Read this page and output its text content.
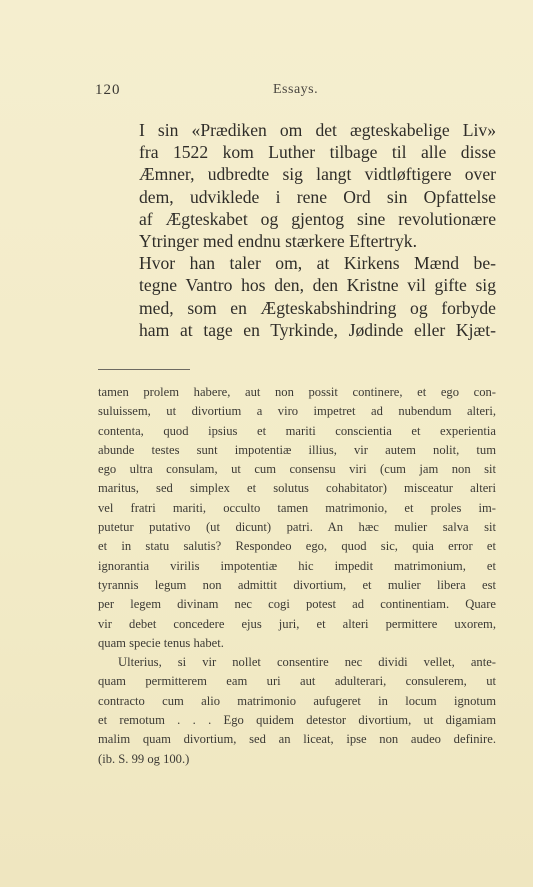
120	Essays.

I sin «Prædiken om det ægteskabelige Liv»
fra 1522 kom Luther tilbage til alle disse
Æmner, udbredte sig langt vidtløftigere over
dem, udviklede i rene Ord sin Opfattelse
af Ægteskabet og gjentog sine revolutionære
Ytringer med endnu stærkere Eftertryk.

Hvor han taler om, at Kirkens Mænd be-
tegne Vantro hos den, den Kristne vil gifte sig
med, som en Ægteskabshindring og forbyde
ham at tage en Tyrkinde, Jødinde eller Kjæt-

tamen prolem habere, aut non possit continere, et ego con-
suluissem, ut divortium a viro impetret ad nubendum alteri,
contenta, quod ipsius et mariti conscientia et experientia
abunde testes sunt impotentiæ illius, vir autem nolit, tum
ego ultra consulam, ut cum consensu viri (cum jam non sit
maritus, sed simplex et solutus cohabitator) misceatur alteri
vel fratri mariti, occulto tamen matrimonio, et proles im-
putetur putativo (ut dicunt) patri. An hæc mulier salva sit
et in statu salutis? Respondeo ego, quod sic, quia error et
ignorantia virilis impotentiæ hic impedit matrimonium, et
tyrannis legum non admittit divortium, et mulier libera est
per legem divinam nec cogi potest ad continentiam. Quare
vir debet concedere ejus juri, et alteri permittere uxorem,
quam specie tenus habet.
Ulterius, si vir nollet consentire nec dividi vellet, ante-
quam permitterem eam uri aut adulterari, consulerem, ut
contracto cum alio matrimonio aufugeret in locum ignotum
et remotum . . . Ego quidem detestor divortium, ut digamiam
malim quam divortium, sed an liceat, ipse non audeo definire.
(ib. S. 99 og 100.)
